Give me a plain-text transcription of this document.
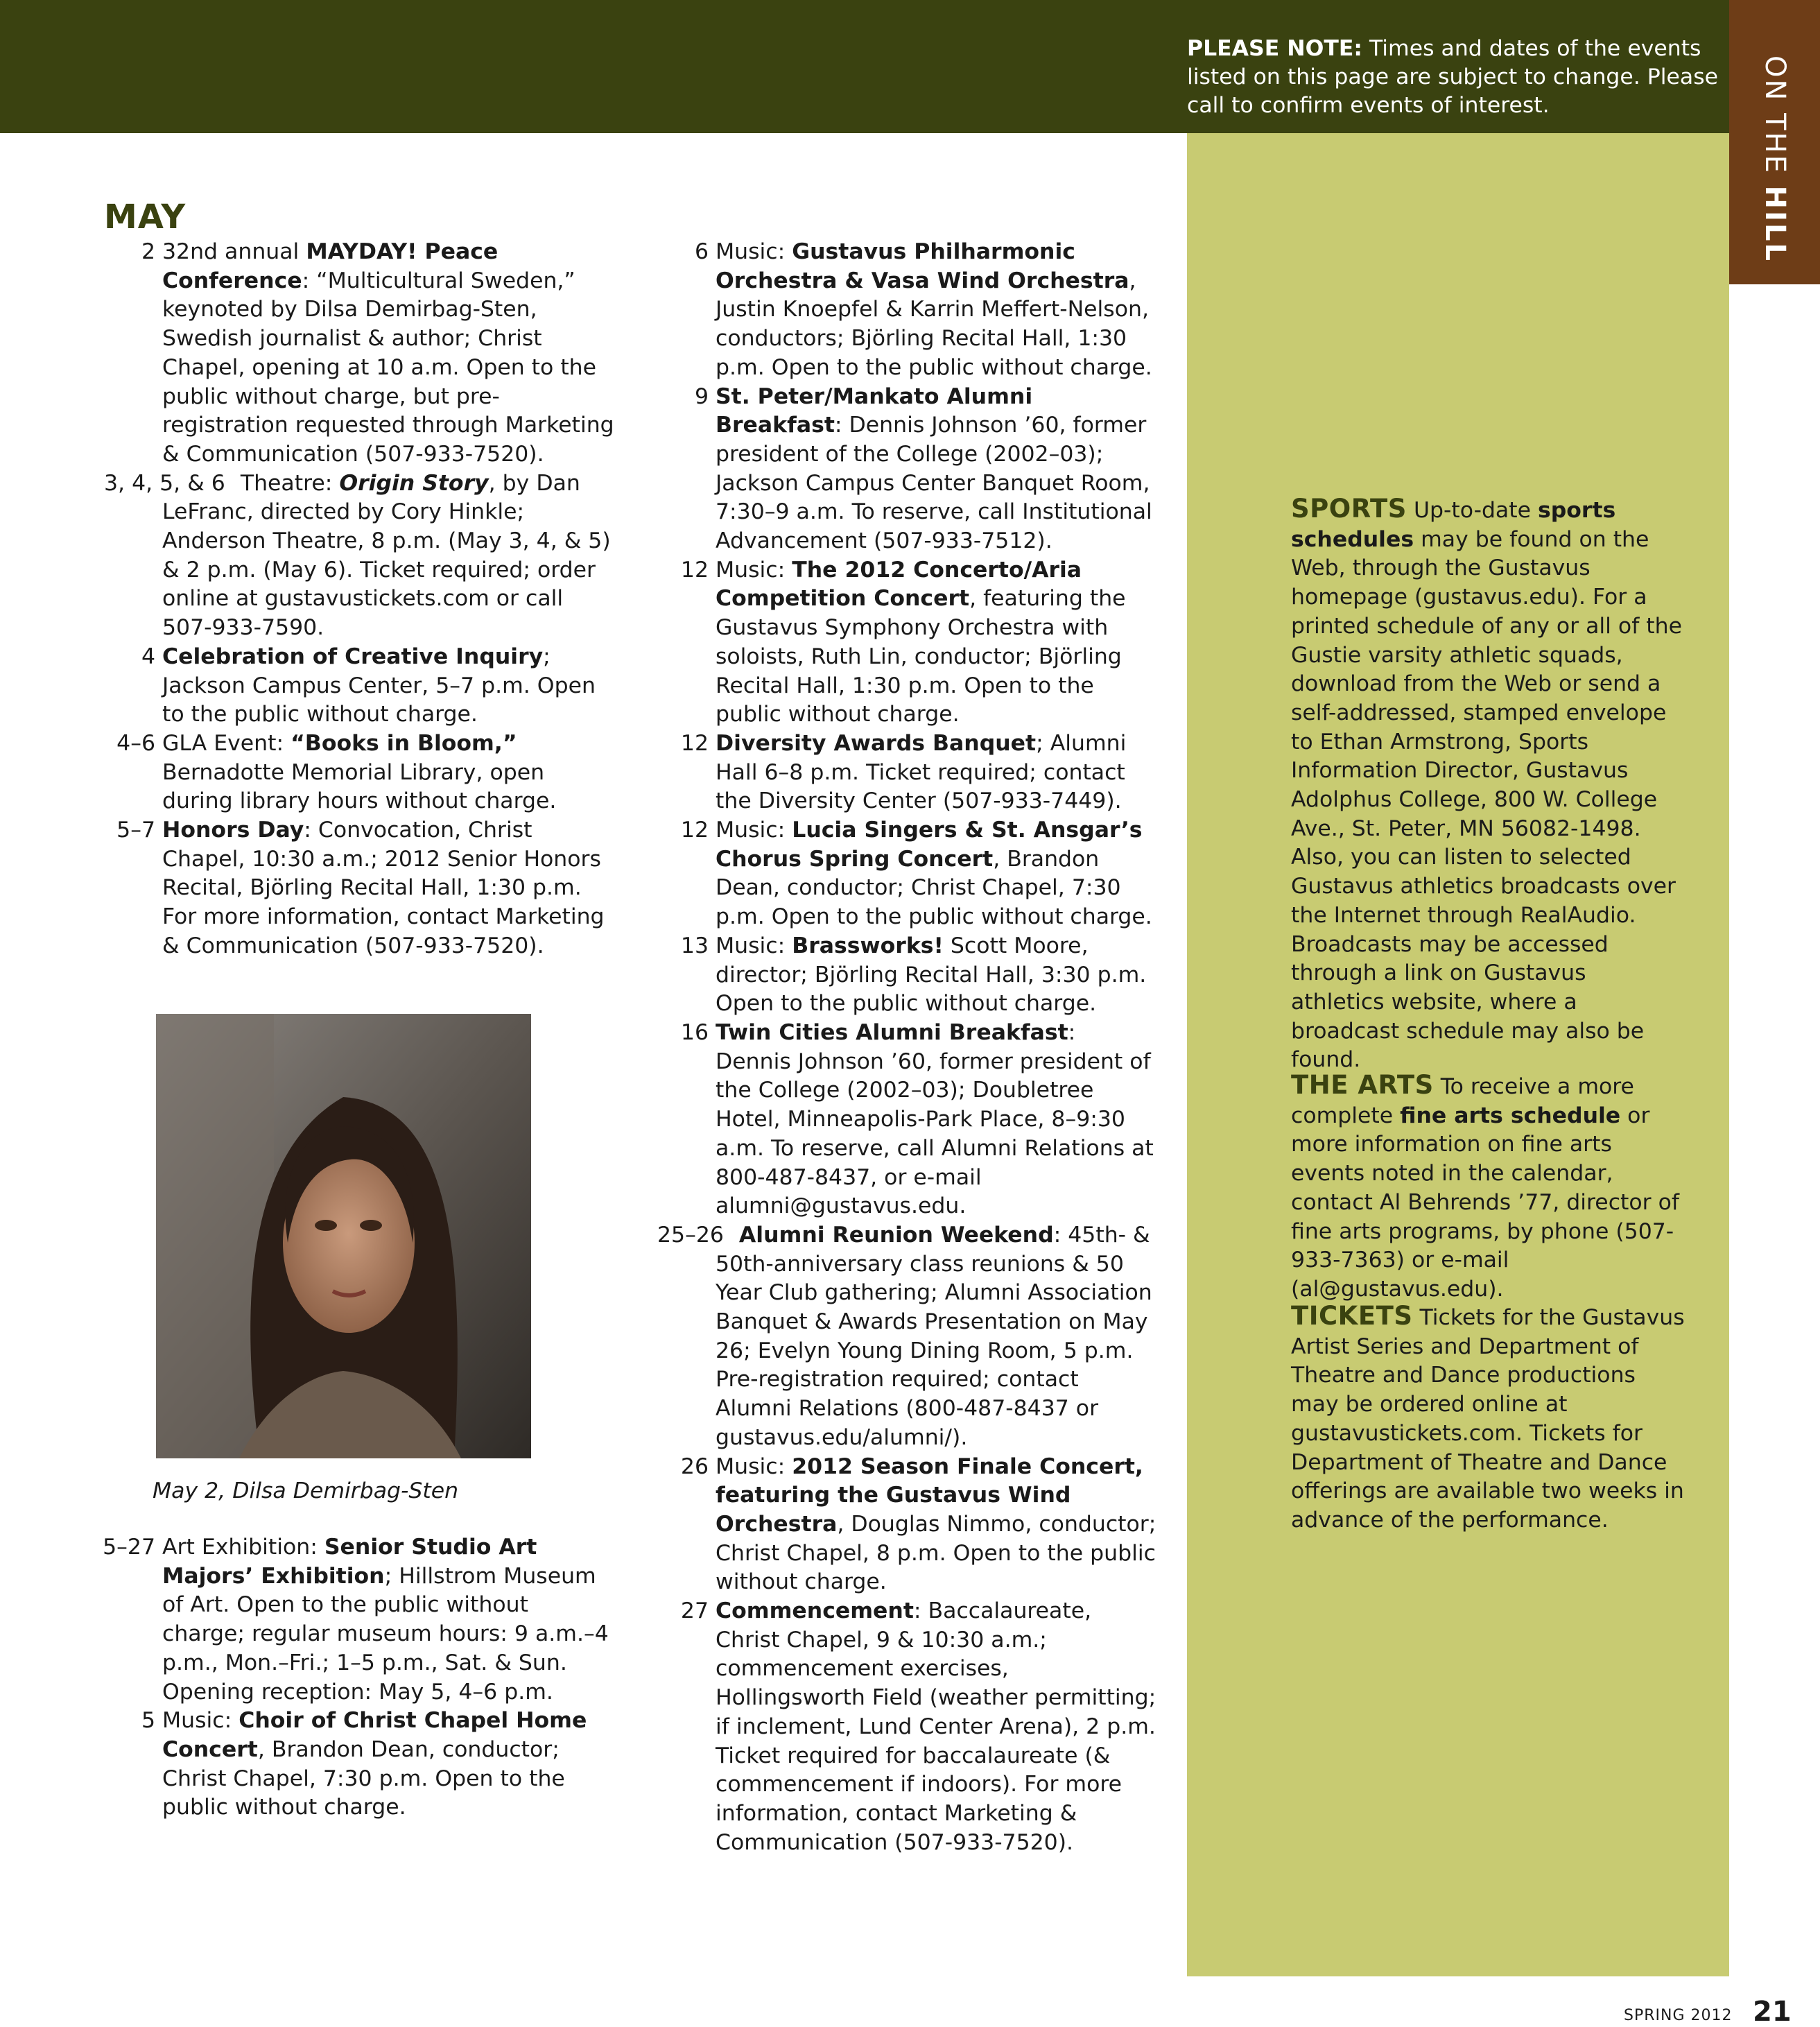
PLEASE NOTE: Times and dates of the events listed on this page are subject to change. Please call to confirm events of interest.	ON THE HILL
SPORTS Up-to-date sports schedules may be found on the Web, through the Gustavus homepage (gustavus.edu). For a printed schedule of any or all of the Gustie varsity athletic squads, download from the Web or send a self-addressed, stamped envelope to Ethan Armstrong, Sports Information Director, Gustavus Adolphus College, 800 W. College Ave., St. Peter, MN 56082-1498. Also, you can listen to selected Gustavus athletics broadcasts over the Internet through RealAudio. Broadcasts may be accessed through a link on Gustavus athletics website, where a broadcast schedule may also be found.
THE ARTS To receive a more complete fine arts schedule or more information on fine arts events noted in the calendar, contact Al Behrends ’77, director of fine arts programs, by phone (507-933-7363) or e-mail (al@gustavus.edu).
TICKETS Tickets for the Gustavus Artist Series and Department of Theatre and Dance productions may be ordered online at gustavustickets.com. Tickets for Department of Theatre and Dance offerings are available two weeks in advance of the performance.
MAY
2 32nd annual MAYDAY! Peace Conference: “Multicultural Sweden,” keynoted by Dilsa Demirbag-Sten, Swedish journalist & author; Christ Chapel, opening at 10 a.m. Open to the public without charge, but pre-registration requested through Marketing & Communication (507-933-7520).
3, 4, 5, & 6 Theatre: Origin Story, by Dan LeFranc, directed by Cory Hinkle; Anderson Theatre, 8 p.m. (May 3, 4, & 5) & 2 p.m. (May 6). Ticket required; order online at gustavustickets.com or call 507-933-7590.
4 Celebration of Creative Inquiry; Jackson Campus Center, 5–7 p.m. Open to the public without charge.
4–6 GLA Event: “Books in Bloom,” Bernadotte Memorial Library, open during library hours without charge.
5–7 Honors Day: Convocation, Christ Chapel, 10:30 a.m.; 2012 Senior Honors Recital, Björling Recital Hall, 1:30 p.m. For more information, contact Marketing & Communication (507-933-7520).
6 Music: Gustavus Philharmonic Orchestra & Vasa Wind Orchestra, Justin Knoepfel & Karrin Meffert-Nelson, conductors; Björling Recital Hall, 1:30 p.m. Open to the public without charge.
9 St. Peter/Mankato Alumni Breakfast: Dennis Johnson ’60, former president of the College (2002–03); Jackson Campus Center Banquet Room, 7:30–9 a.m. To reserve, call Institutional Advancement (507-933-7512).
12 Music: The 2012 Concerto/Aria Competition Concert, featuring the Gustavus Symphony Orchestra with soloists, Ruth Lin, conductor; Björling Recital Hall, 1:30 p.m. Open to the public without charge.
12 Diversity Awards Banquet; Alumni Hall 6–8 p.m. Ticket required; contact the Diversity Center (507-933-7449).
12 Music: Lucia Singers & St. Ansgar’s Chorus Spring Concert, Brandon Dean, conductor; Christ Chapel, 7:30 p.m. Open to the public without charge.
13 Music: Brassworks! Scott Moore, director; Björling Recital Hall, 3:30 p.m. Open to the public without charge.
16 Twin Cities Alumni Breakfast: Dennis Johnson ’60, former president of the College (2002–03); Doubletree Hotel, Minneapolis-Park Place, 8–9:30 a.m. To reserve, call Alumni Relations at 800-487-8437, or e-mail alumni@gustavus.edu.
25–26 Alumni Reunion Weekend: 45th- & 50th-anniversary class reunions & 50 Year Club gathering; Alumni Association Banquet & Awards Presentation on May 26; Evelyn Young Dining Room, 5 p.m. Pre-registration required; contact Alumni Relations (800-487-8437 or gustavus.edu/alumni/).
26 Music: 2012 Season Finale Concert, featuring the Gustavus Wind Orchestra, Douglas Nimmo, conductor; Christ Chapel, 8 p.m. Open to the public without charge.
27 Commencement: Baccalaureate, Christ Chapel, 9 & 10:30 a.m.; commencement exercises, Hollingsworth Field (weather permitting; if inclement, Lund Center Arena), 2 p.m. Ticket required for baccalaureate (& commencement if indoors). For more information, contact Marketing & Communication (507-933-7520).
5–27 Art Exhibition: Senior Studio Art Majors’ Exhibition; Hillstrom Museum of Art. Open to the public without charge; regular museum hours: 9 a.m.–4 p.m., Mon.–Fri.; 1–5 p.m., Sat. & Sun. Opening reception: May 5, 4–6 p.m.
5 Music: Choir of Christ Chapel Home Concert, Brandon Dean, conductor; Christ Chapel, 7:30 p.m. Open to the public without charge.
May 2, Dilsa Demirbag-Sten
SPRING 2012 21
